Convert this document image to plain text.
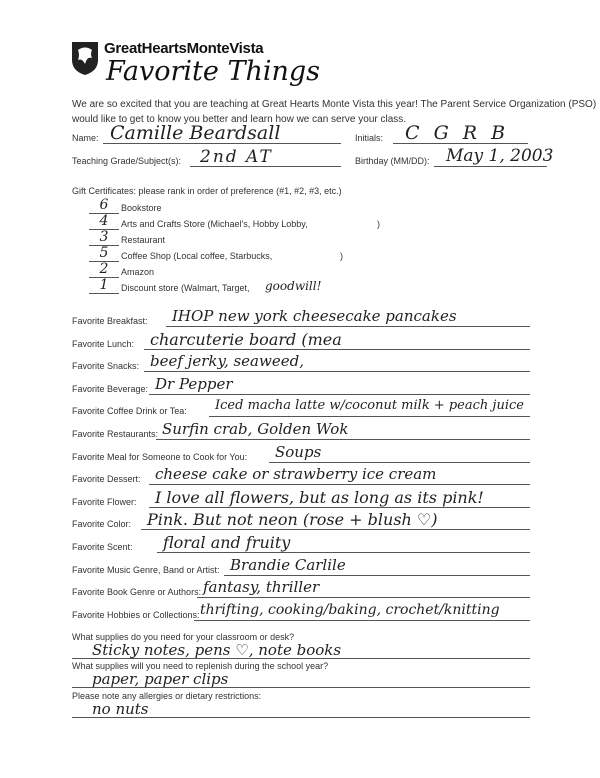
GreatHeartsMonteVista
Favorite Things
We are so excited that you are teaching at Great Hearts Monte Vista this year! The Parent Service Organization (PSO) would like to get to know you better and learn how we can serve your class.
Name: Camille Beardsall	Initials: C G R B
Teaching Grade/Subject(s): 2nd AT	Birthday (MM/DD): May 1, 2003
Gift Certificates: please rank in order of preference (#1, #2, #3, etc.)
6	Bookstore
4	Arts and Crafts Store (Michael's, Hobby Lobby,	)
3	Restaurant
5	Coffee Shop (Local coffee, Starbucks,	)
2	Amazon
1	Discount store (Walmart, Target, goodwill!
Favorite Breakfast: IHOP new york cheesecake pancakes
Favorite Lunch: charcuterie board (mea
Favorite Snacks: beef jerky, seaweed,
Favorite Beverage: Dr Pepper
Favorite Coffee Drink or Tea: Iced macha latte w/coconut milk + peach juice
Favorite Restaurants: Surfin crab, Golden Wok
Favorite Meal for Someone to Cook for You: Soups
Favorite Dessert: cheese cake or strawberry ice cream
Favorite Flower: I love all flowers, but as long as its pink!
Favorite Color: Pink. But not neon (rose + blush ♡)
Favorite Scent: floral and fruity
Favorite Music Genre, Band or Artist: Brandie Carlile
Favorite Book Genre or Authors: fantasy, thriller
Favorite Hobbies or Collections: thrifting, cooking/baking, crochet/knitting
What supplies do you need for your classroom or desk?
Sticky notes, pens ♡, note books
What supplies will you need to replenish during the school year?
paper, paper clips
Please note any allergies or dietary restrictions:
no nuts
